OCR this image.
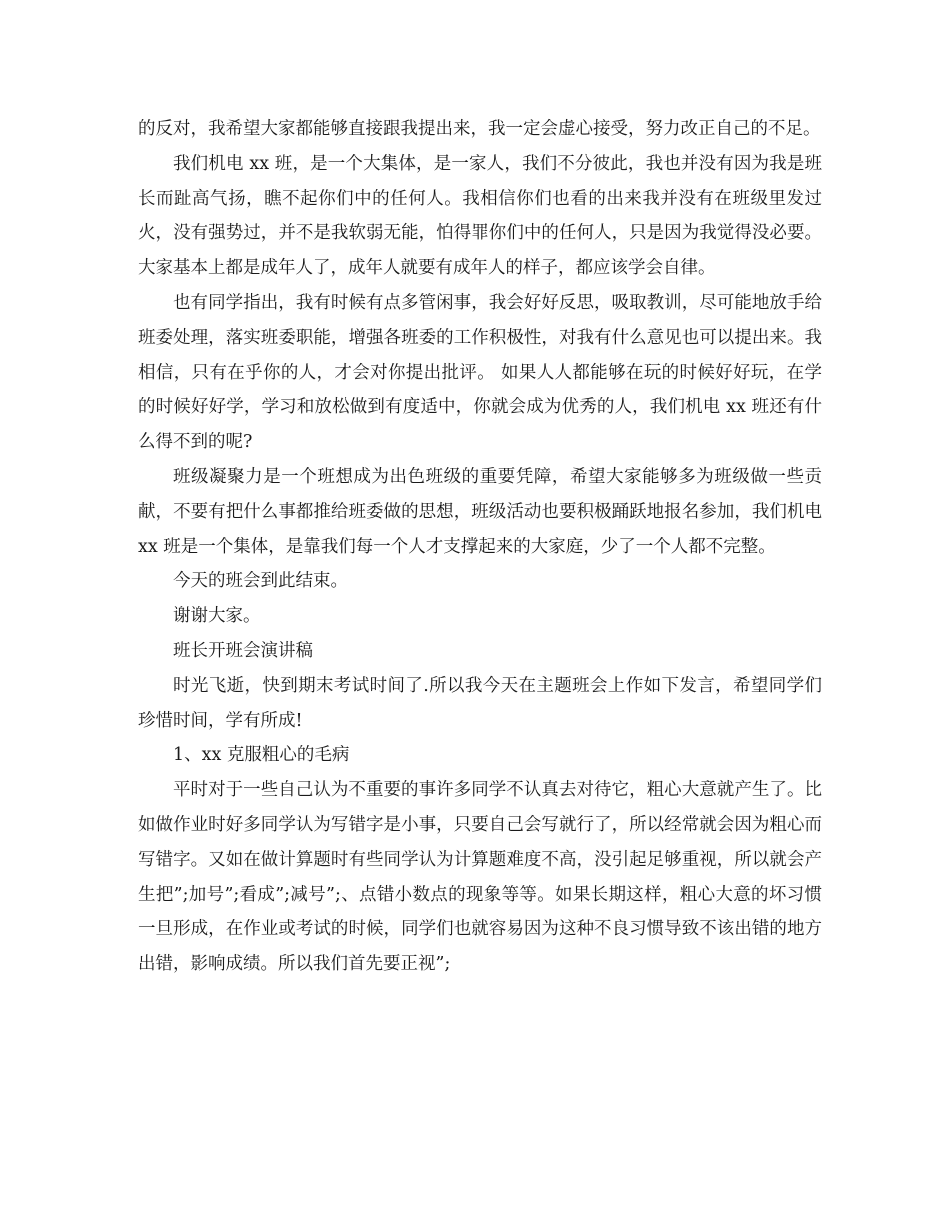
的反对，我希望大家都能够直接跟我提出来，我一定会虚心接受，努力改正自己的不足。

我们机电 xx 班，是一个大集体，是一家人，我们不分彼此，我也并没有因为我是班长而趾高气扬，瞧不起你们中的任何人。我相信你们也看的出来我并没有在班级里发过火，没有强势过，并不是我软弱无能，怕得罪你们中的任何人，只是因为我觉得没必要。大家基本上都是成年人了，成年人就要有成年人的样子，都应该学会自律。

也有同学指出，我有时候有点多管闲事，我会好好反思，吸取教训，尽可能地放手给班委处理，落实班委职能，增强各班委的工作积极性，对我有什么意见也可以提出来。我相信，只有在乎你的人，才会对你提出批评。 如果人人都能够在玩的时候好好玩，在学的时候好好学，学习和放松做到有度适中，你就会成为优秀的人，我们机电 xx 班还有什么得不到的呢?

班级凝聚力是一个班想成为出色班级的重要凭障，希望大家能够多为班级做一些贡献，不要有把什么事都推给班委做的思想，班级活动也要积极踊跃地报名参加，我们机电 xx 班是一个集体，是靠我们每一个人才支撑起来的大家庭，少了一个人都不完整。

今天的班会到此结束。

谢谢大家。

班长开班会演讲稿

时光飞逝，快到期末考试时间了.所以我今天在主题班会上作如下发言，希望同学们珍惜时间，学有所成!

1、xx 克服粗心的毛病

平时对于一些自己认为不重要的事许多同学不认真去对待它，粗心大意就产生了。比如做作业时好多同学认为写错字是小事，只要自己会写就行了，所以经常就会因为粗心而写错字。又如在做计算题时有些同学认为计算题难度不高，没引起足够重视，所以就会产生把”;加号”;看成”;减号”;、点错小数点的现象等等。如果长期这样，粗心大意的坏习惯一旦形成，在作业或考试的时候，同学们也就容易因为这种不良习惯导致不该出错的地方出错，影响成绩。所以我们首先要正视”;
